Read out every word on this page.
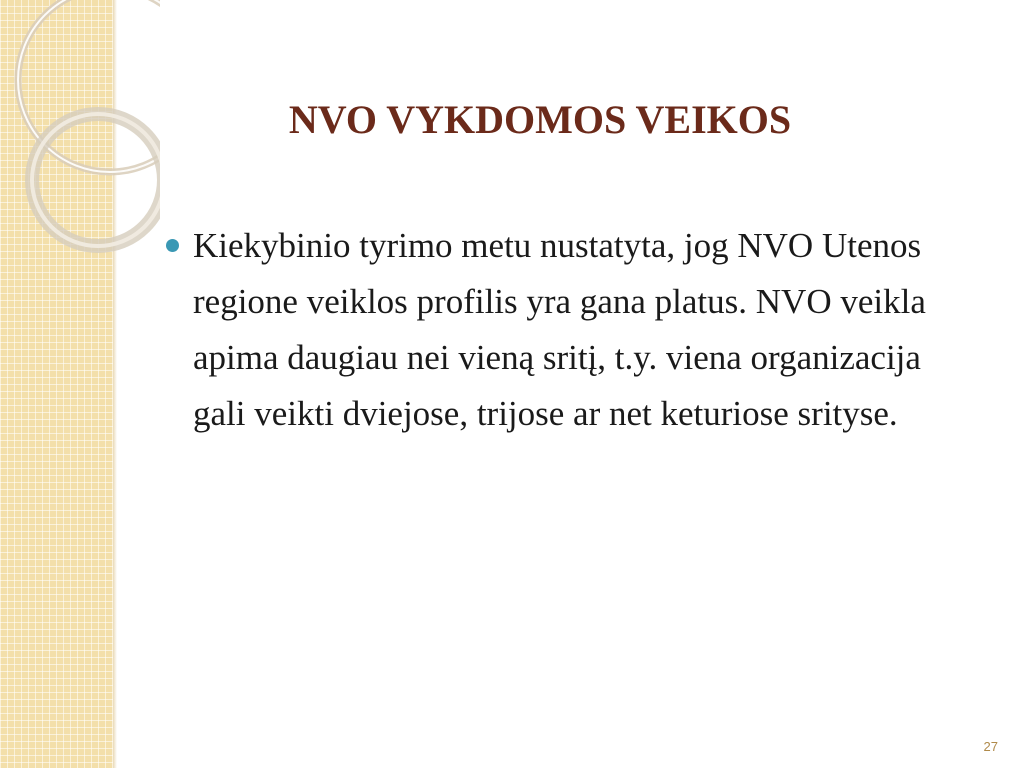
NVO VYKDOMOS VEIKOS
Kiekybinio tyrimo metu nustatyta, jog NVO Utenos regione veiklos profilis yra gana platus. NVO veikla apima daugiau nei vieną sritį, t.y. viena organizacija gali veikti dviejose, trijose ar net keturiose srityse.
27
